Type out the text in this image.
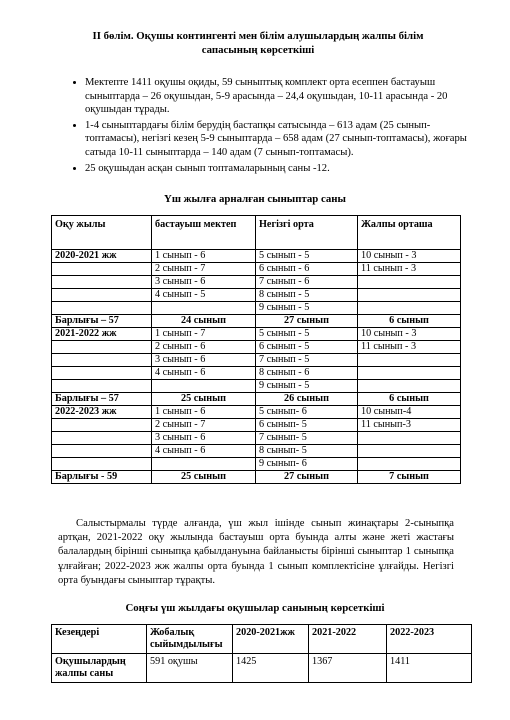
ІІ бөлім. Оқушы контингенті мен білім алушылардың жалпы білім сапасының көрсеткіші
• Мектепте 1411 оқушы оқиды, 59 сыныптық комплект орта есеппен бастауыш сыныптарда – 26 оқушыдан, 5-9 арасында – 24,4 оқушыдан, 10-11 арасында - 20 оқушыдан тұрады.
• 1-4 сыныптардағы білім берудің бастапқы сатысында – 613 адам (25 сынып-топтамасы), негізгі кезең 5-9 сыныптарда – 658 адам (27 сынып-топтамасы), жоғары сатыда 10-11 сыныптарда – 140 адам (7 сынып-топтамасы).
• 25 оқушыдан асқан сынып топтамаларының саны -12.
Үш жылға арналған сыныптар саны
Оқу жылы	бастауыш мектеп	Негізгі орта	Жалпы орташа
2020-2021 жж	1 сынып - 6	5 сынып - 5	10 сынып - 3
	2 сынып - 7	6 сынып - 6	11 сынып - 3
	3 сынып - 6	7 сынып - 6	
	4 сынып - 5	8 сынып - 5	
		9 сынып - 5	
Барлығы – 57	24 сынып	27 сынып	6 сынып
2021-2022 жж	1 сынып - 7	5 сынып - 5	10 сынып - 3
	2 сынып - 6	6 сынып - 5	11 сынып - 3
	3 сынып - 6	7 сынып - 5	
	4 сынып - 6	8 сынып - 6	
		9 сынып - 5	
Барлығы – 57	25 сынып	26 сынып	6 сынып
2022-2023 жж	1 сынып - 6	5 сынып- 6	10 сынып-4
	2 сынып - 7	6 сынып- 5	11 сынып-3
	3 сынып - 6	7 сынып- 5	
	4 сынып - 6	8 сынып- 5	
		9 сынып- 6	
Барлығы - 59	25 сынып	27 сынып	7 сынып

Салыстырмалы түрде алғанда, үш жыл ішінде сынып жинақтары 2-сыныпқа артқан, 2021-2022 оқу жылында бастауыш орта буында алты және жеті жастағы балалардың бірінші сыныпқа қабылдануына байланысты бірінші сыныптар 1 сыныпқа ұлғайған; 2022-2023 жж жалпы орта буында 1 сынып комплектісіне ұлғайды. Негізгі орта буындағы сыныптар тұрақты.

Соңғы үш жылдағы оқушылар санының көрсеткіші
Кезеңдері	Жобалық сыйымдылығы	2020-2021жж	2021-2022	2022-2023
Оқушылардың жалпы саны	591 оқушы	1425	1367	1411
